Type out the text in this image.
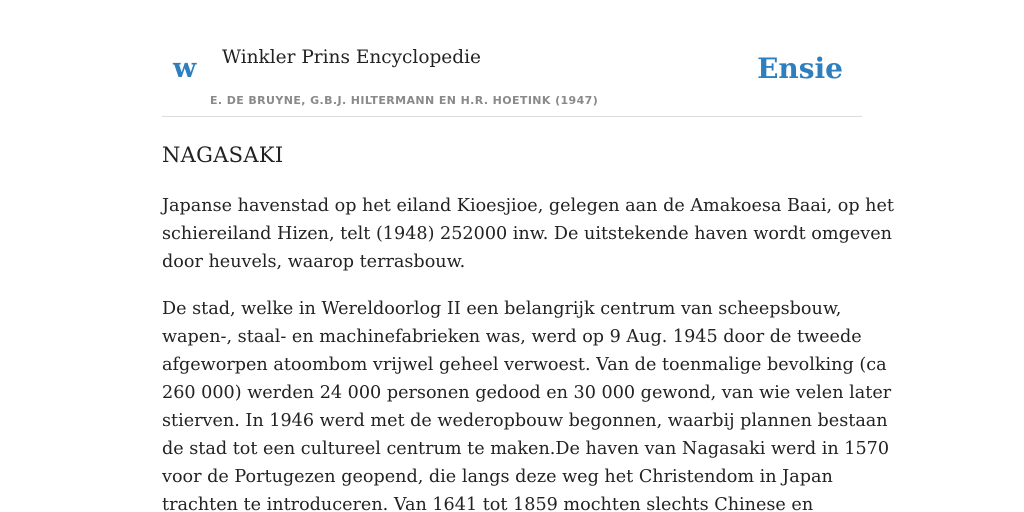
w Winkler Prins Encyclopedie
E. DE BRUYNE, G.B.J. HILTERMANN EN H.R. HOETINK (1947)
Ensie
NAGASAKI

Japanse havenstad op het eiland Kioesjioe, gelegen aan de Amakoesa Baai, op het
schiereiland Hizen, telt (1948) 252000 inw. De uitstekende haven wordt omgeven
door heuvels, waarop terrasbouw.

De stad, welke in Wereldoorlog II een belangrijk centrum van scheepsbouw,
wapen-, staal- en machinefabrieken was, werd op 9 Aug. 1945 door de tweede
afgeworpen atoombom vrijwel geheel verwoest. Van de toenmalige bevolking (ca
260 000) werden 24 000 personen gedood en 30 000 gewond, van wie velen later
stierven. In 1946 werd met de wederopbouw begonnen, waarbij plannen bestaan
de stad tot een cultureel centrum te maken.De haven van Nagasaki werd in 1570
voor de Portugezen geopend, die langs deze weg het Christendom in Japan
trachten te introduceren. Van 1641 tot 1859 mochten slechts Chinese en
